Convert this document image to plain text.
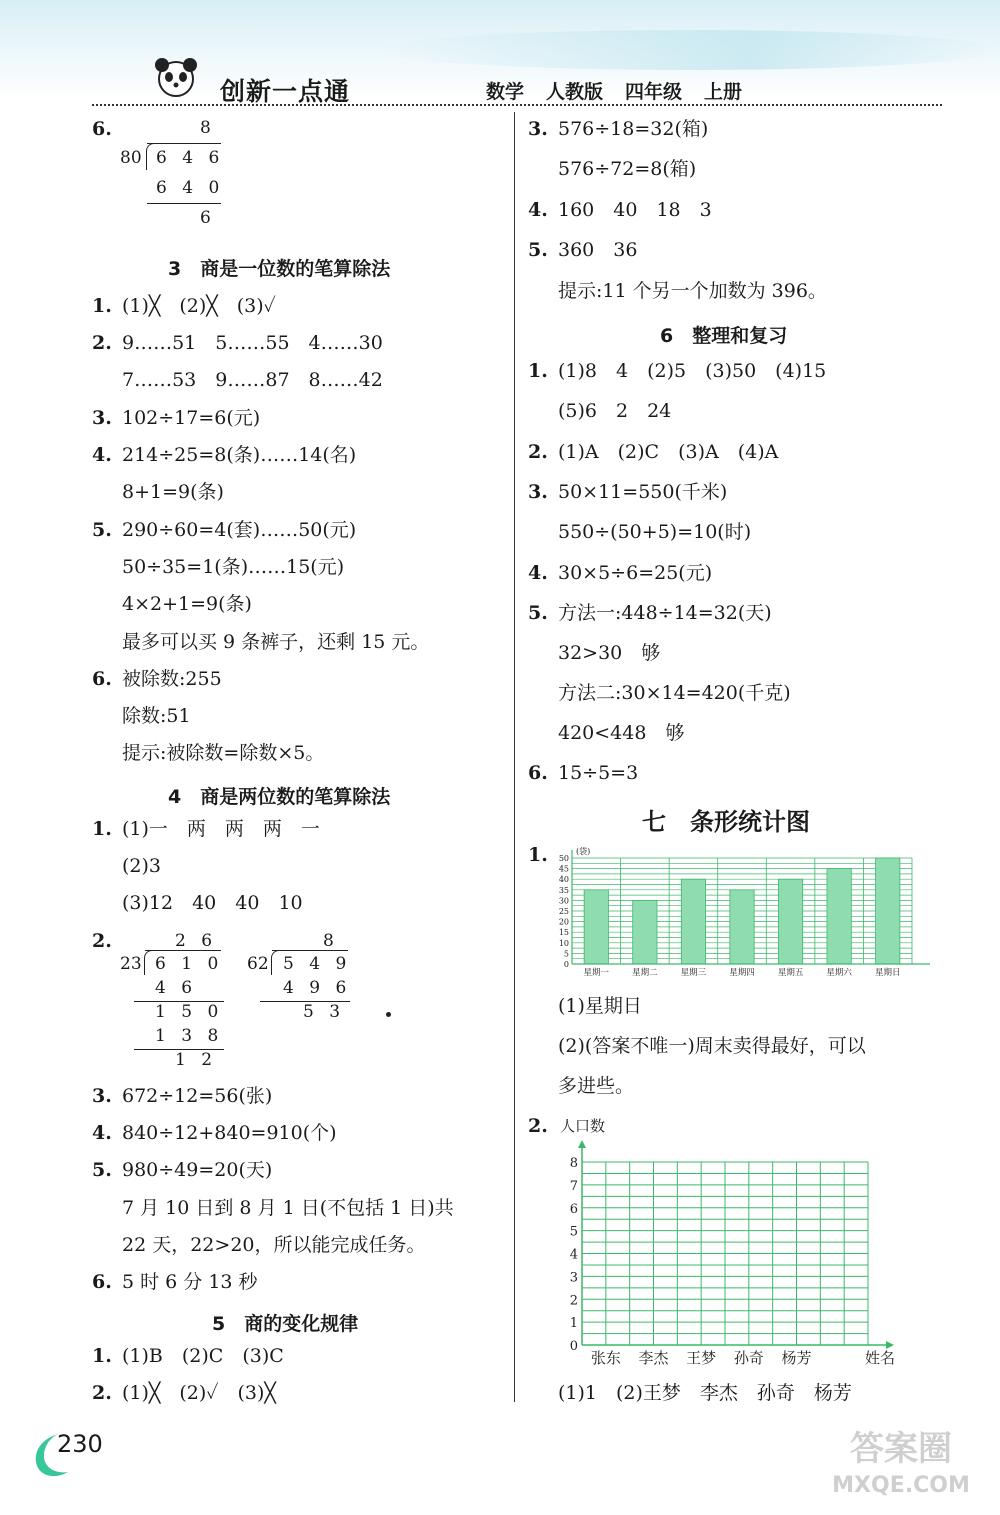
创新一点通	数学 人教版 四年级 上册
6.	8
80 6 4 6
6 4 0
6
3　商是一位数的笔算除法
1. (1)╳　(2)╳　(3)✓
2. 9……51　5……55　4……30
7……53　9……87　8……42
3. 102÷17=6(元)
4. 214÷25=8(条)……14(名)
8+1=9(条)
5. 290÷60=4(套)……50(元)
50÷35=1(条)……15(元)
4×2+1=9(条)
最多可以买 9 条裤子，还剩 15 元。
6. 被除数:255
除数:51
提示:被除数=除数×5。
4　商是两位数的笔算除法
1. (1)一　两　两　两　一
(2)3
(3)12　40　40　10
2.	2 6
23 6 1 0
4 6
1 5 0
1 3 8
1 2
8
62 5 4 9
4 9 6
5 3
3. 672÷12=56(张)
4. 840÷12+840=910(个)
5. 980÷49=20(天)
7 月 10 日到 8 月 1 日(不包括 1 日)共
22 天，22>20，所以能完成任务。
6. 5 时 6 分 13 秒
5　商的变化规律
1. (1)B　(2)C　(3)C
2. (1)╳　(2)✓　(3)╳
3. 576÷18=32(箱)
576÷72=8(箱)
4. 160　40　18　3
5. 360　36
提示:11 个另一个加数为 396。
6　整理和复习
1. (1)8　4　(2)5　(3)50　(4)15
(5)6　2　24
2. (1)A　(2)C　(3)A　(4)A
3. 50×11=550(千米)
550÷(50+5)=10(时)
4. 30×5÷6=25(元)
5. 方法一:448÷14=32(天)
32>30　够
方法二:30×14=420(千克)
420<448　够
6. 15÷5=3
七　条形统计图
1.
0
5
10
15
20
25
30
35
40
45
50
(袋)
星期一	星期二	星期三	星期四	星期五	星期六	星期日
(1)星期日
(2)(答案不唯一)周末卖得最好，可以
多进些。
2.
0
1
2
3
4
5
6
7
8
人口数
张东 李杰 王梦 孙奇 杨芳	姓名
(1)1　(2)王梦　李杰　孙奇　杨芳
230	答案圈
MXQE.COM
